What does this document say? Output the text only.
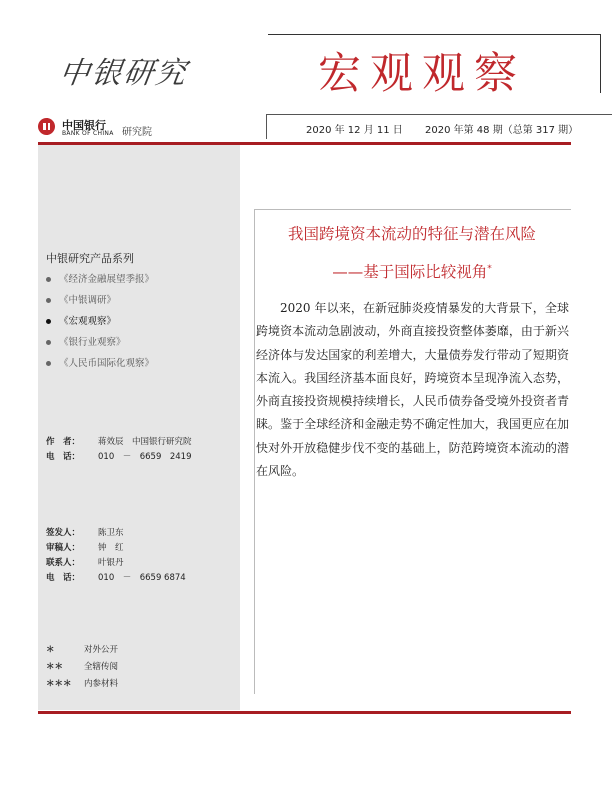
中银研究	宏观观察
中国银行
BANK OF CHINA 研究院	2020 年 12 月 11 日 2020 年第 48 期（总第 317 期）
中银研究产品系列
《经济金融展望季报》
《中银调研》
《宏观观察》
《银行业观察》
《人民币国际化观察》
作　者： 蒋效辰　中国银行研究院
电　话： 010　－　6659　2419
签发人： 陈卫东
审稿人： 钟　红
联系人： 叶银丹
电　话： 010　－　6659 6874
＊	对外公开
＊＊ 全辖传阅
＊＊＊ 内参材料
我国跨境资本流动的特征与潜在风险
——基于国际比较视角*

2020 年以来，在新冠肺炎疫情暴发的大背景下，全球跨境资本流动急剧波动，外商直接投资整体萎靡，由于新兴经济体与发达国家的利差增大，大量债券发行带动了短期资本流入。我国经济基本面良好，跨境资本呈现净流入态势，外商直接投资规模持续增长，人民币债券备受境外投资者青睐。鉴于全球经济和金融走势不确定性加大，我国更应在加快对外开放稳健步伐不变的基础上，防范跨境资本流动的潜在风险。
